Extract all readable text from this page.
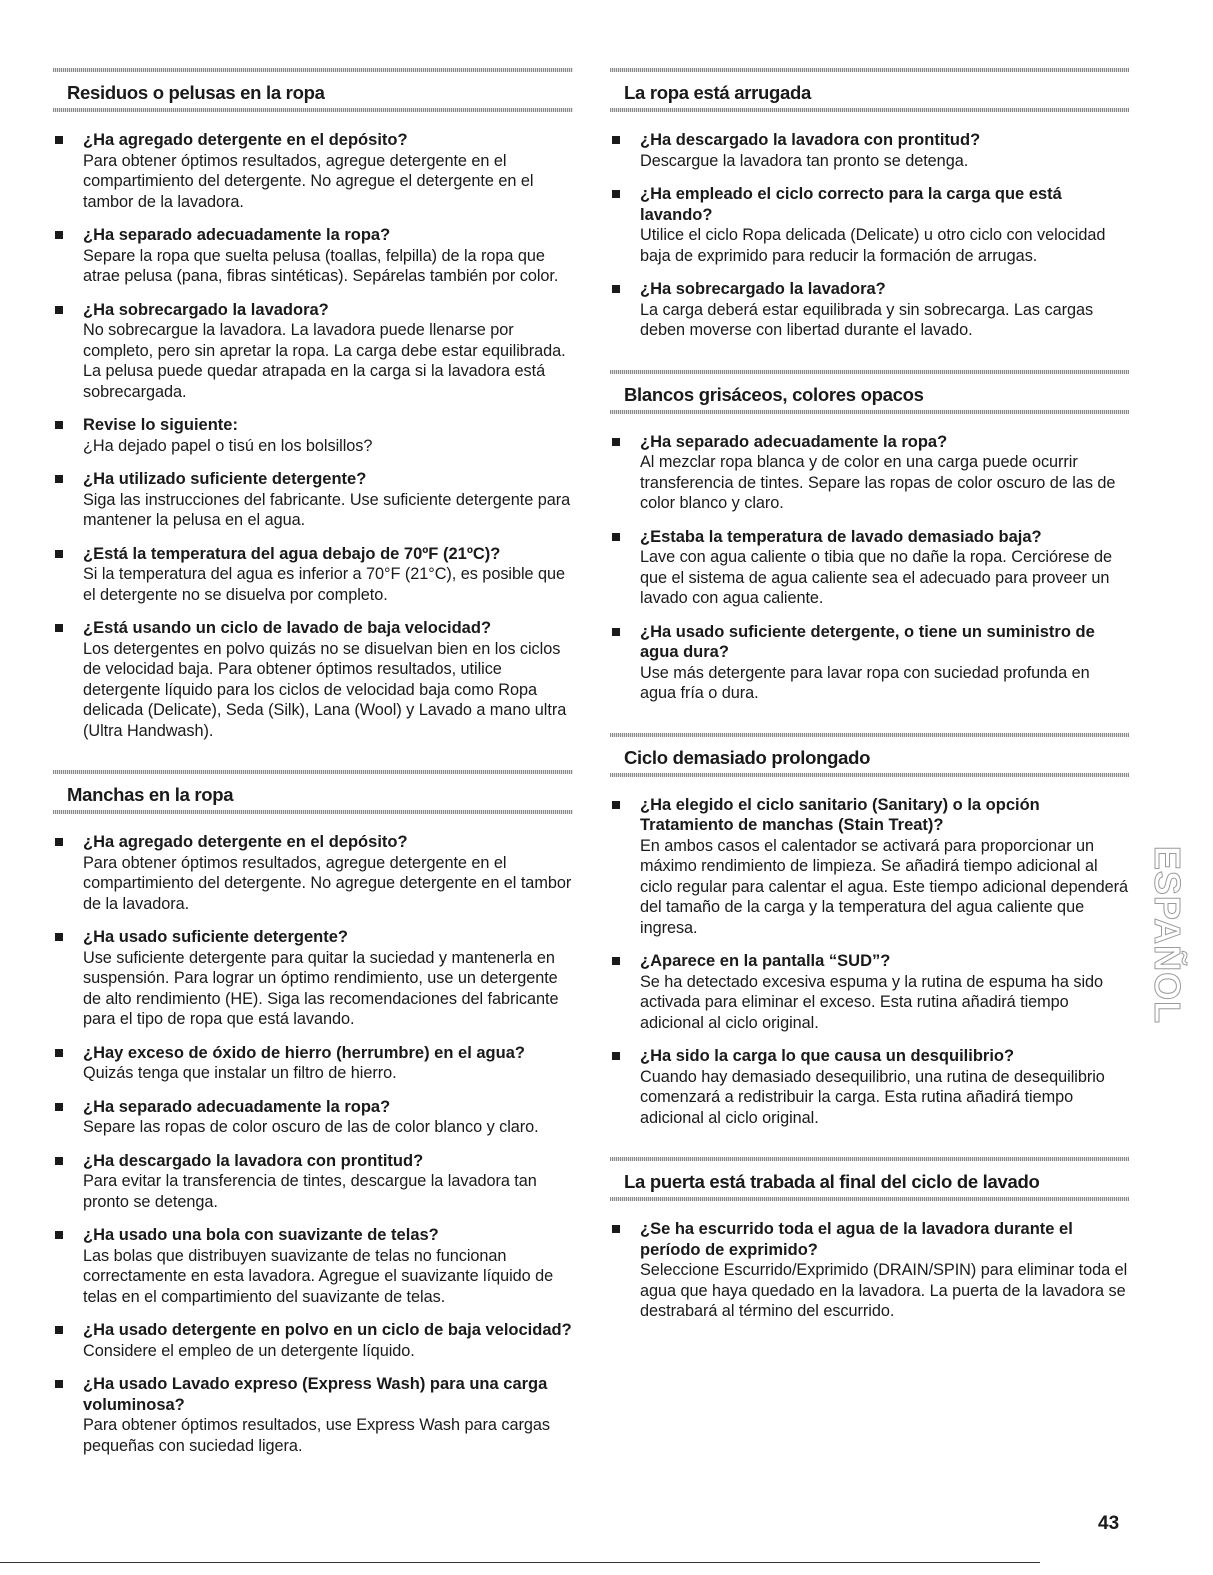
Residuos o pelusas en la ropa
¿Ha agregado detergente en el depósito?
Para obtener óptimos resultados, agregue detergente en el compartimiento del detergente. No agregue el detergente en el tambor de la lavadora.
¿Ha separado adecuadamente la ropa?
Separe la ropa que suelta pelusa (toallas, felpilla) de la ropa que atrae pelusa (pana, fibras sintéticas). Sepárelas también por color.
¿Ha sobrecargado la lavadora?
No sobrecargue la lavadora. La lavadora puede llenarse por completo, pero sin apretar la ropa. La carga debe estar equilibrada. La pelusa puede quedar atrapada en la carga si la lavadora está sobrecargada.
Revise lo siguiente:
¿Ha dejado papel o tisú en los bolsillos?
¿Ha utilizado suficiente detergente?
Siga las instrucciones del fabricante. Use suficiente detergente para mantener la pelusa en el agua.
¿Está la temperatura del agua debajo de 70ºF (21ºC)?
Si la temperatura del agua es inferior a 70°F (21°C), es posible que el detergente no se disuelva por completo.
¿Está usando un ciclo de lavado de baja velocidad?
Los detergentes en polvo quizás no se disuelvan bien en los ciclos de velocidad baja. Para obtener óptimos resultados, utilice detergente líquido para los ciclos de velocidad baja como Ropa delicada (Delicate), Seda (Silk), Lana (Wool) y Lavado a mano ultra (Ultra Handwash).
Manchas en la ropa
¿Ha agregado detergente en el depósito?
Para obtener óptimos resultados, agregue detergente en el compartimiento del detergente. No agregue detergente en el tambor de la lavadora.
¿Ha usado suficiente detergente?
Use suficiente detergente para quitar la suciedad y mantenerla en suspensión. Para lograr un óptimo rendimiento, use un detergente de alto rendimiento (HE). Siga las recomendaciones del fabricante para el tipo de ropa que está lavando.
¿Hay exceso de óxido de hierro (herrumbre) en el agua?
Quizás tenga que instalar un filtro de hierro.
¿Ha separado adecuadamente la ropa?
Separe las ropas de color oscuro de las de color blanco y claro.
¿Ha descargado la lavadora con prontitud?
Para evitar la transferencia de tintes, descargue la lavadora tan pronto se detenga.
¿Ha usado una bola con suavizante de telas?
Las bolas que distribuyen suavizante de telas no funcionan correctamente en esta lavadora. Agregue el suavizante líquido de telas en el compartimiento del suavizante de telas.
¿Ha usado detergente en polvo en un ciclo de baja velocidad?
Considere el empleo de un detergente líquido.
¿Ha usado Lavado expreso (Express Wash) para una carga voluminosa?
Para obtener óptimos resultados, use Express Wash para cargas pequeñas con suciedad ligera.
La ropa está arrugada
¿Ha descargado la lavadora con prontitud?
Descargue la lavadora tan pronto se detenga.
¿Ha empleado el ciclo correcto para la carga que está lavando?
Utilice el ciclo Ropa delicada (Delicate) u otro ciclo con velocidad baja de exprimido para reducir la formación de arrugas.
¿Ha sobrecargado la lavadora?
La carga deberá estar equilibrada y sin sobrecarga. Las cargas deben moverse con libertad durante el lavado.
Blancos grisáceos, colores opacos
¿Ha separado adecuadamente la ropa?
Al mezclar ropa blanca y de color en una carga puede ocurrir transferencia de tintes. Separe las ropas de color oscuro de las de color blanco y claro.
¿Estaba la temperatura de lavado demasiado baja?
Lave con agua caliente o tibia que no dañe la ropa. Cerciórese de que el sistema de agua caliente sea el adecuado para proveer un lavado con agua caliente.
¿Ha usado suficiente detergente, o tiene un suministro de agua dura?
Use más detergente para lavar ropa con suciedad profunda en agua fría o dura.
Ciclo demasiado prolongado
¿Ha elegido el ciclo sanitario (Sanitary) o la opción Tratamiento de manchas (Stain Treat)?
En ambos casos el calentador se activará para proporcionar un máximo rendimiento de limpieza. Se añadirá tiempo adicional al ciclo regular para calentar el agua. Este tiempo adicional dependerá del tamaño de la carga y la temperatura del agua caliente que ingresa.
¿Aparece en la pantalla “SUD”?
Se ha detectado excesiva espuma y la rutina de espuma ha sido activada para eliminar el exceso. Esta rutina añadirá tiempo adicional al ciclo original.
¿Ha sido la carga lo que causa un desquilibrio?
Cuando hay demasiado desequilibrio, una rutina de desequilibrio comenzará a redistribuir la carga. Esta rutina añadirá tiempo adicional al ciclo original.
La puerta está trabada al final del ciclo de lavado
¿Se ha escurrido toda el agua de la lavadora durante el período de exprimido?
Seleccione Escurrido/Exprimido (DRAIN/SPIN) para eliminar toda el agua que haya quedado en la lavadora. La puerta de la lavadora se destrabará al término del escurrido.
ESPAÑOL
43
